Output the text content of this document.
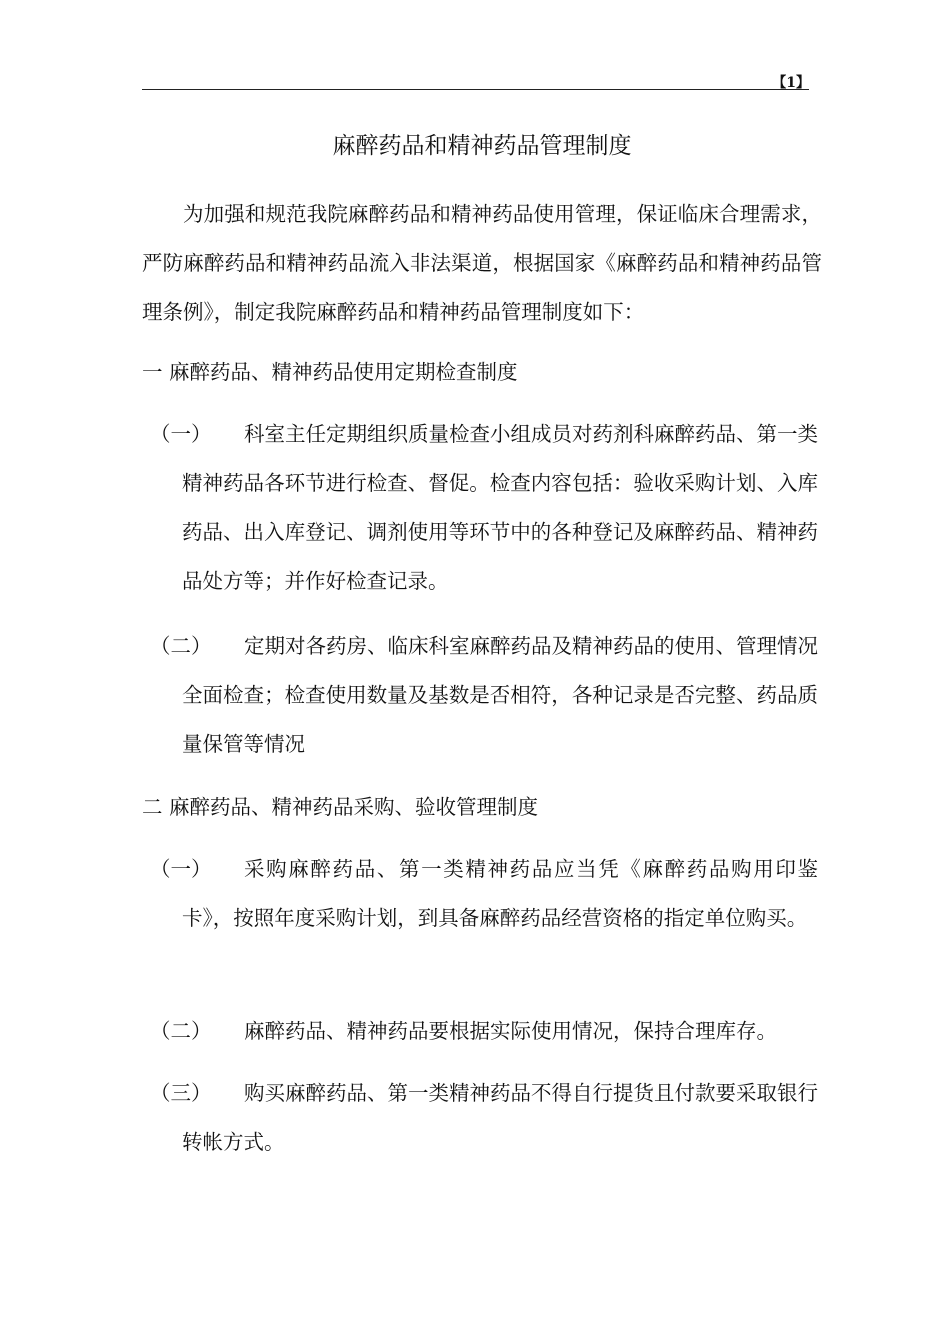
【1】
麻醉药品和精神药品管理制度
为加强和规范我院麻醉药品和精神药品使用管理，保证临床合理需求，严防麻醉药品和精神药品流入非法渠道，根据国家《麻醉药品和精神药品管理条例》，制定我院麻醉药品和精神药品管理制度如下：
一 麻醉药品、精神药品使用定期检查制度
（一）	科室主任定期组织质量检查小组成员对药剂科麻醉药品、第一类精神药品各环节进行检查、督促。检查内容包括：验收采购计划、入库药品、出入库登记、调剂使用等环节中的各种登记及麻醉药品、精神药品处方等；并作好检查记录。
（二）	定期对各药房、临床科室麻醉药品及精神药品的使用、管理情况全面检查；检查使用数量及基数是否相符，各种记录是否完整、药品质量保管等情况
二 麻醉药品、精神药品采购、验收管理制度
（一）	采购麻醉药品、第一类精神药品应当凭《麻醉药品购用印鉴卡》，按照年度采购计划，到具备麻醉药品经营资格的指定单位购买。
（二）	麻醉药品、精神药品要根据实际使用情况，保持合理库存。
（三）	购买麻醉药品、第一类精神药品不得自行提货且付款要采取银行转帐方式。
